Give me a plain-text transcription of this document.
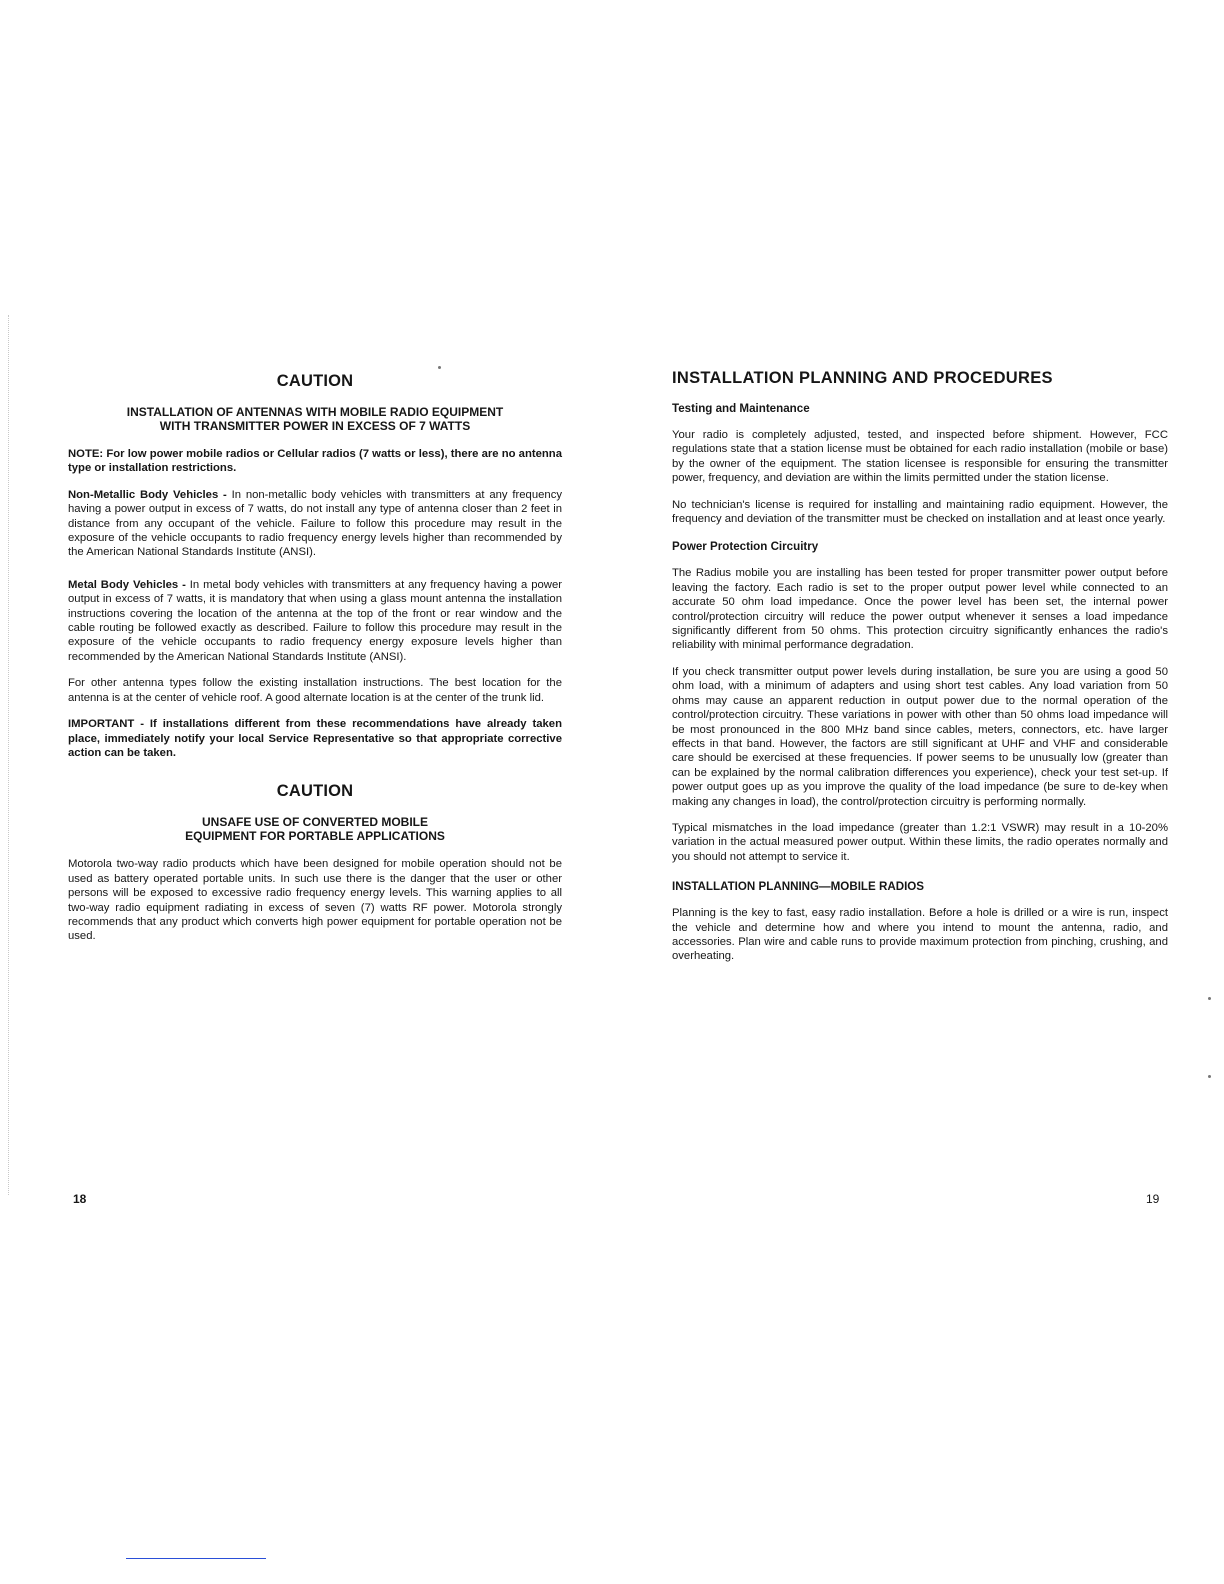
CAUTION
INSTALLATION OF ANTENNAS WITH MOBILE RADIO EQUIPMENT
WITH TRANSMITTER POWER IN EXCESS OF 7 WATTS

NOTE: For low power mobile radios or Cellular radios (7 watts or less), there are no antenna type or installation restrictions.

Non-Metallic Body Vehicles - In non-metallic body vehicles with transmitters at any frequency having a power output in excess of 7 watts, do not install any type of antenna closer than 2 feet in distance from any occupant of the vehicle. Failure to follow this procedure may result in the exposure of the vehicle occupants to radio frequency energy levels higher than recommended by the American National Standards Institute (ANSI).

Metal Body Vehicles - In metal body vehicles with transmitters at any frequency having a power output in excess of 7 watts, it is mandatory that when using a glass mount antenna the installation instructions covering the location of the antenna at the top of the front or rear window and the cable routing be followed exactly as described. Failure to follow this procedure may result in the exposure of the vehicle occupants to radio frequency energy exposure levels higher than recommended by the American National Standards Institute (ANSI).

For other antenna types follow the existing installation instructions. The best location for the antenna is at the center of vehicle roof. A good alternate location is at the center of the trunk lid.

IMPORTANT - If installations different from these recommendations have already taken place, immediately notify your local Service Representative so that appropriate corrective action can be taken.

CAUTION
UNSAFE USE OF CONVERTED MOBILE
EQUIPMENT FOR PORTABLE APPLICATIONS

Motorola two-way radio products which have been designed for mobile operation should not be used as battery operated portable units. In such use there is the danger that the user or other persons will be exposed to excessive radio frequency energy levels. This warning applies to all two-way radio equipment radiating in excess of seven (7) watts RF power. Motorola strongly recommends that any product which converts high power equipment for portable operation not be used.

INSTALLATION PLANNING AND PROCEDURES
Testing and Maintenance

Your radio is completely adjusted, tested, and inspected before shipment. However, FCC regulations state that a station license must be obtained for each radio installation (mobile or base) by the owner of the equipment. The station licensee is responsible for ensuring the transmitter power, frequency, and deviation are within the limits permitted under the station license.

No technician's license is required for installing and maintaining radio equipment. However, the frequency and deviation of the transmitter must be checked on installation and at least once yearly.

Power Protection Circuitry

The Radius mobile you are installing has been tested for proper transmitter power output before leaving the factory. Each radio is set to the proper output power level while connected to an accurate 50 ohm load impedance. Once the power level has been set, the internal power control/protection circuitry will reduce the power output whenever it senses a load impedance significantly different from 50 ohms. This protection circuitry significantly enhances the radio's reliability with minimal performance degradation.

If you check transmitter output power levels during installation, be sure you are using a good 50 ohm load, with a minimum of adapters and using short test cables. Any load variation from 50 ohms may cause an apparent reduction in output power due to the normal operation of the control/protection circuitry. These variations in power with other than 50 ohms load impedance will be most pronounced in the 800 MHz band since cables, meters, connectors, etc. have larger effects in that band. However, the factors are still significant at UHF and VHF and considerable care should be exercised at these frequencies. If power seems to be unusually low (greater than can be explained by the normal calibration differences you experience), check your test set-up. If power output goes up as you improve the quality of the load impedance (be sure to de-key when making any changes in load), the control/protection circuitry is performing normally.

Typical mismatches in the load impedance (greater than 1.2:1 VSWR) may result in a 10-20% variation in the actual measured power output. Within these limits, the radio operates normally and you should not attempt to service it.

INSTALLATION PLANNING—MOBILE RADIOS

Planning is the key to fast, easy radio installation. Before a hole is drilled or a wire is run, inspect the vehicle and determine how and where you intend to mount the antenna, radio, and accessories. Plan wire and cable runs to provide maximum protection from pinching, crushing, and overheating.

18	19
